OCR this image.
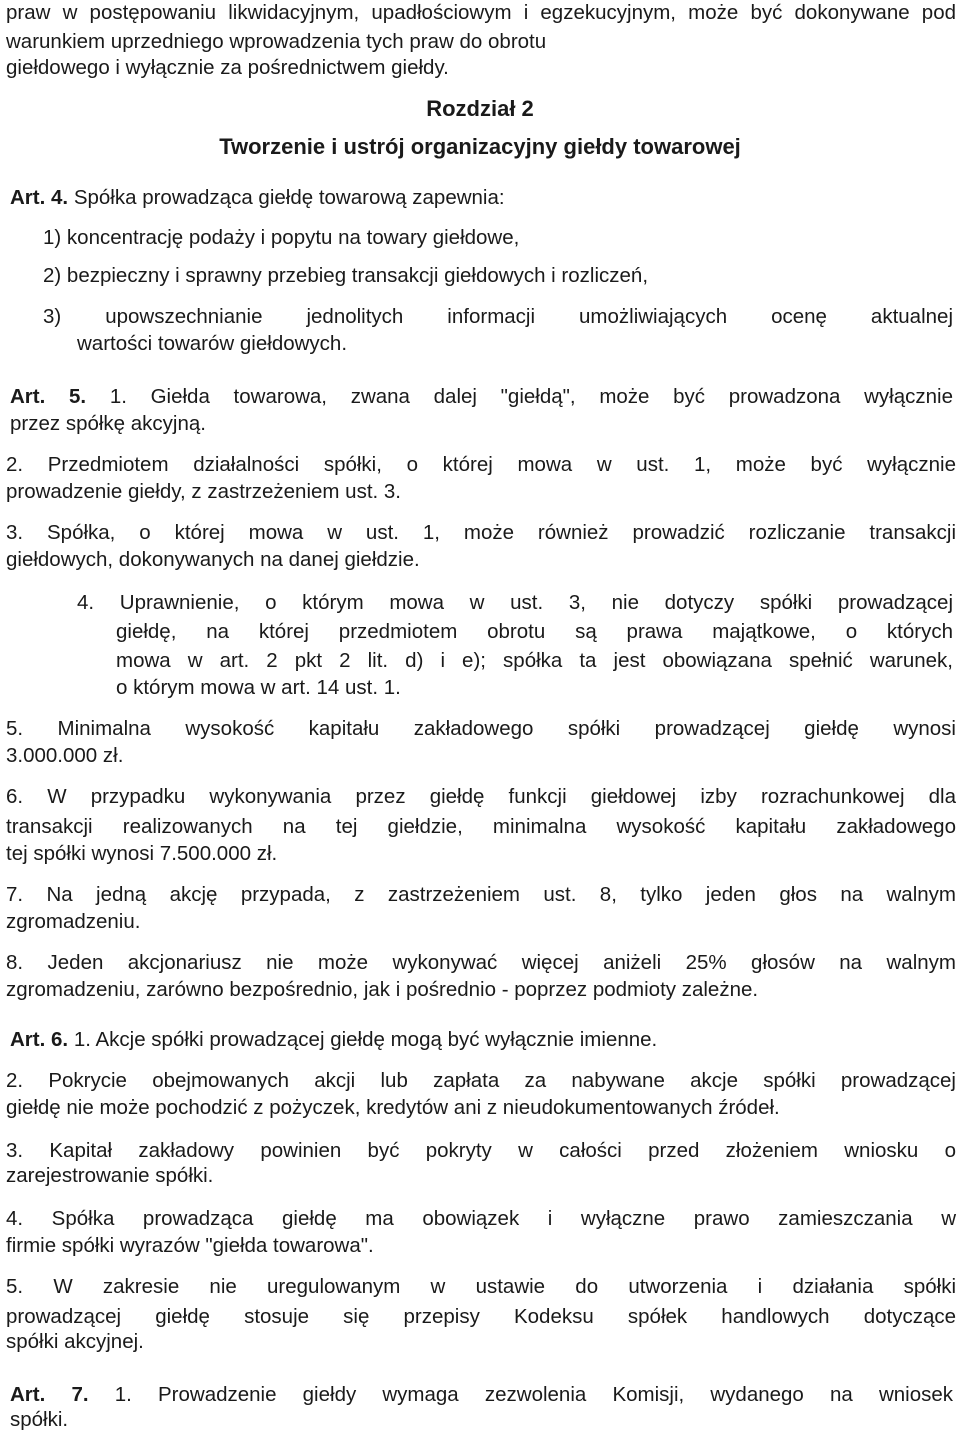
praw w postępowaniu likwidacyjnym, upadłościowym i egzekucyjnym, może być dokonywane pod warunkiem uprzedniego wprowadzenia tych praw do obrotu

giełdowego i wyłącznie za pośrednictwem giełdy.

Rozdział 2

Tworzenie i ustrój organizacyjny giełdy towarowej

Art. 4. Spółka prowadząca giełdę towarową zapewnia:

1) koncentrację podaży i popytu na towary giełdowe,

2) bezpieczny i sprawny przebieg transakcji giełdowych i rozliczeń,

3) upowszechnianie jednolitych informacji umożliwiających ocenę aktualnej

wartości towarów giełdowych.

Art. 5. 1. Giełda towarowa, zwana dalej "giełdą", może być prowadzona wyłącznie

przez spółkę akcyjną.

2. Przedmiotem działalności spółki, o której mowa w ust. 1, może być wyłącznie

prowadzenie giełdy, z zastrzeżeniem ust. 3.

3. Spółka, o której mowa w ust. 1, może również prowadzić rozliczanie transakcji

giełdowych, dokonywanych na danej giełdzie.

4. Uprawnienie, o którym mowa w ust. 3, nie dotyczy spółki prowadzącej

giełdę, na której przedmiotem obrotu są prawa majątkowe, o których

mowa w art. 2 pkt 2 lit. d) i e); spółka ta jest obowiązana spełnić warunek,

o którym mowa w art. 14 ust. 1.

5. Minimalna wysokość kapitału zakładowego spółki prowadzącej giełdę wynosi

3.000.000 zł.

6. W przypadku wykonywania przez giełdę funkcji giełdowej izby rozrachunkowej dla

transakcji realizowanych na tej giełdzie, minimalna wysokość kapitału zakładowego

tej spółki wynosi 7.500.000 zł.

7. Na jedną akcję przypada, z zastrzeżeniem ust. 8, tylko jeden głos na walnym

zgromadzeniu.

8. Jeden akcjonariusz nie może wykonywać więcej aniżeli 25% głosów na walnym

zgromadzeniu, zarówno bezpośrednio, jak i pośrednio - poprzez podmioty zależne.

Art. 6. 1. Akcje spółki prowadzącej giełdę mogą być wyłącznie imienne.

2. Pokrycie obejmowanych akcji lub zapłata za nabywane akcje spółki prowadzącej

giełdę nie może pochodzić z pożyczek, kredytów ani z nieudokumentowanych źródeł.

3. Kapitał zakładowy powinien być pokryty w całości przed złożeniem wniosku o

zarejestrowanie spółki.

4. Spółka prowadząca giełdę ma obowiązek i wyłączne prawo zamieszczania w

firmie spółki wyrazów "giełda towarowa".

5. W zakresie nie uregulowanym w ustawie do utworzenia i działania spółki

prowadzącej giełdę stosuje się przepisy Kodeksu spółek handlowych dotyczące

spółki akcyjnej.

Art. 7. 1. Prowadzenie giełdy wymaga zezwolenia Komisji, wydanego na wniosek

spółki.
